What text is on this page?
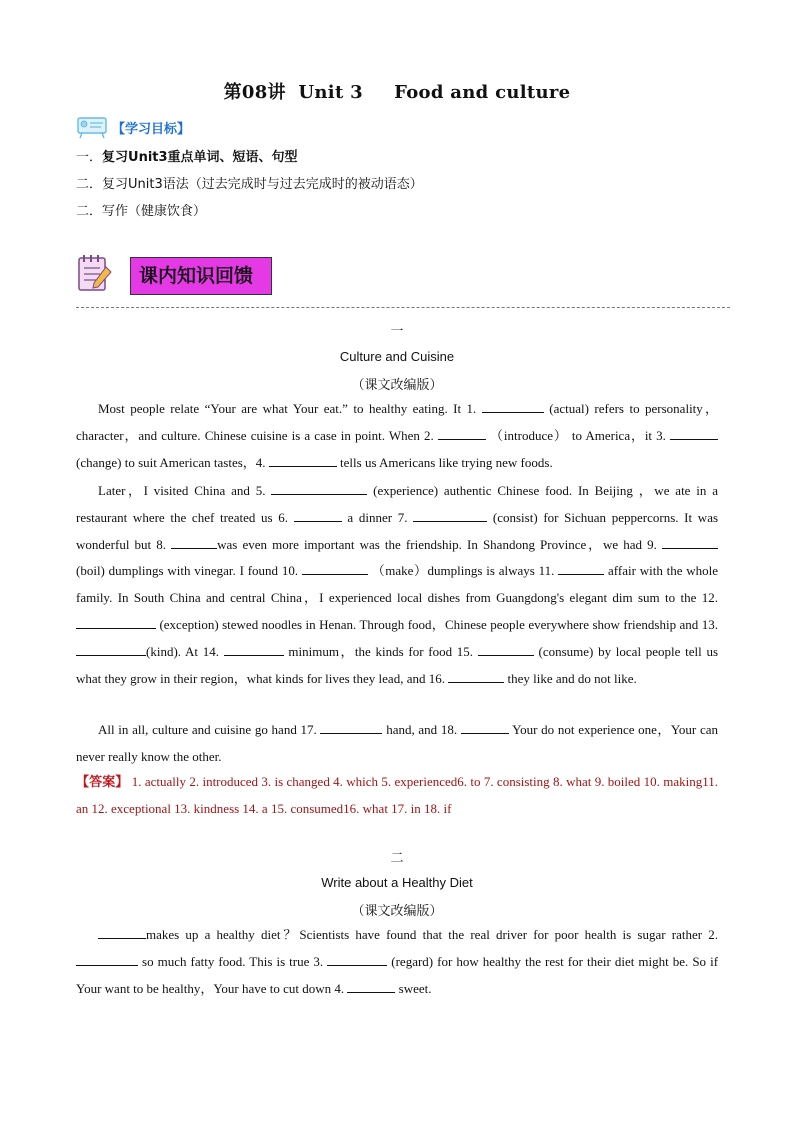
第08讲 Unit 3 Food and culture
【学习目标】
一．复习Unit3重点单词、短语、句型
二．复习Unit3语法（过去完成时与过去完成时的被动语态）
二．写作（健康饮食）
课内知识回馈
一
Culture and Cuisine
（课文改编版）
Most people relate “Your are what Your eat.” to healthy eating. It 1.	(actual) refers to personality，character，and culture. Chinese cuisine is a case in point. When 2.	（introduce） to America，it 3.  (change) to suit American tastes，4.	tells us Americans like trying new foods.
Later，I visited China and 5.	(experience) authentic Chinese food. In Beijing ，we ate in a restaurant where the chef treated us 6.	a dinner 7.	(consist) for Sichuan peppercorns. It was wonderful but 8.	was even more important was the friendship. In Shandong Province，we had 9.  (boil) dumplings with vinegar. I found 10.	（make）dumplings is always 11.	affair with the whole family. In South China and central China，I experienced local dishes from Guangdong's elegant dim sum to the 12.  (exception) stewed noodles in Henan. Through food，Chinese people everywhere show friendship and 13. (kind). At 14.	minimum，the kinds for food 15.	(consume) by local people tell us what they grow in their region，what kinds for lives they lead, and 16.	they like and do not like.
All in all, culture and cuisine go hand 17.	hand, and 18.	Your do not experience one，Your can never really know the other.
【答案】 1. actually 2. introduced 3. is changed 4. which 5. experienced6. to 7. consisting 8. what 9. boiled 10. making11. an 12. exceptional 13. kindness 14. a 15. consumed16. what 17. in 18. if
二
Write about a Healthy Diet
（课文改编版）
makes up a healthy diet？Scientists have found that the real driver for poor health is sugar rather 2.  so much fatty food. This is true 3.	(regard) for how healthy the rest for their diet might be. So if Your want to be healthy，Your have to cut down 4.	sweet.
